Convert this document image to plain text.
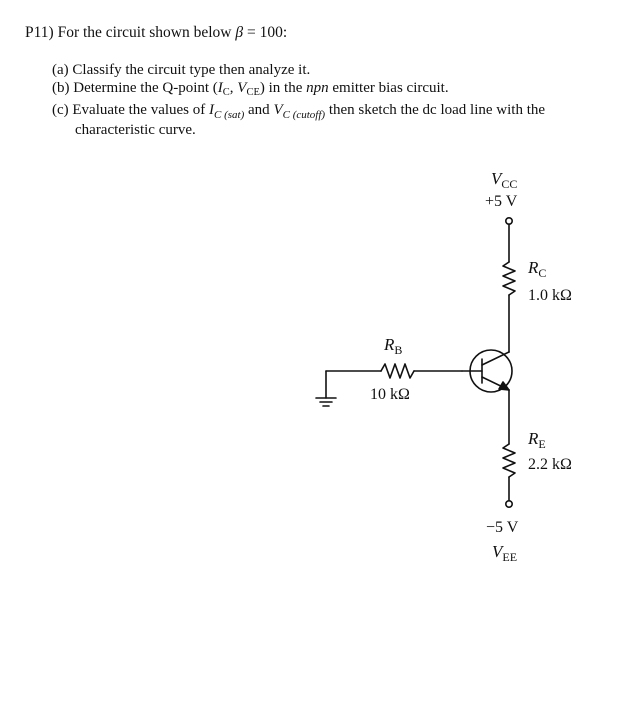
P11) For the circuit shown below β = 100:
(a) Classify the circuit type then analyze it.
(b) Determine the Q-point ($I_C$, $V_{CE}$) in the npn emitter bias circuit.
(c) Evaluate the values of $I_{C (sat)}$ and $V_{C (cutoff)}$ then sketch the dc load line with the
characteristic curve.
$V_{CC}$
+5 V
$R_C$
1.0 kΩ
$R_B$
10 kΩ
$R_E$
2.2 kΩ
−5 V
$V_{EE}$
